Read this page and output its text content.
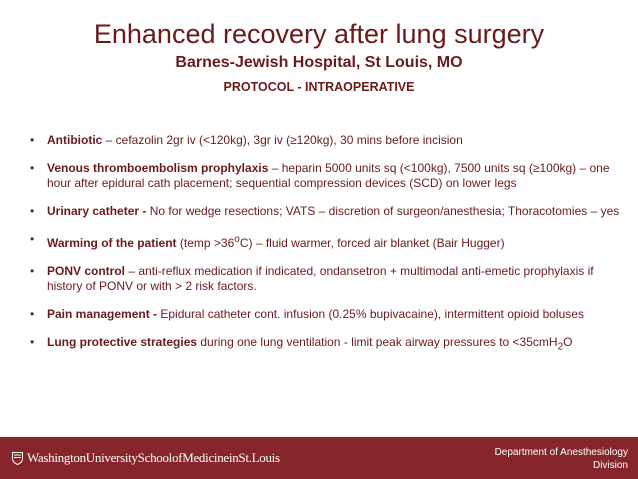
Enhanced recovery after lung surgery
Barnes-Jewish Hospital, St Louis, MO
PROTOCOL - INTRAOPERATIVE
• Antibiotic – cefazolin 2gr iv (<120kg), 3gr iv (≥120kg), 30 mins before incision
• Venous thromboembolism prophylaxis – heparin 5000 units sq (<100kg), 7500 units sq (≥100kg) – one hour after epidural cath placement; sequential compression devices (SCD) on lower legs
• Urinary catheter - No for wedge resections; VATS – discretion of surgeon/anesthesia; Thoracotomies – yes
• Warming of the patient (temp $>36^oC$) – fluid warmer, forced air blanket (Bair Hugger)
• PONV control – anti-reflux medication if indicated, ondansetron + multimodal anti-emetic prophylaxis if history of PONV or with > 2 risk factors.
• Pain management - Epidural catheter cont. infusion (0.25% bupivacaine), intermittent opioid boluses
• Lung protective strategies during one lung ventilation - limit peak airway pressures to <35cmH$_2$O
WashingtonUniversitySchoolofMedicineinSt.Louis	Department of Anesthesiology
Division
